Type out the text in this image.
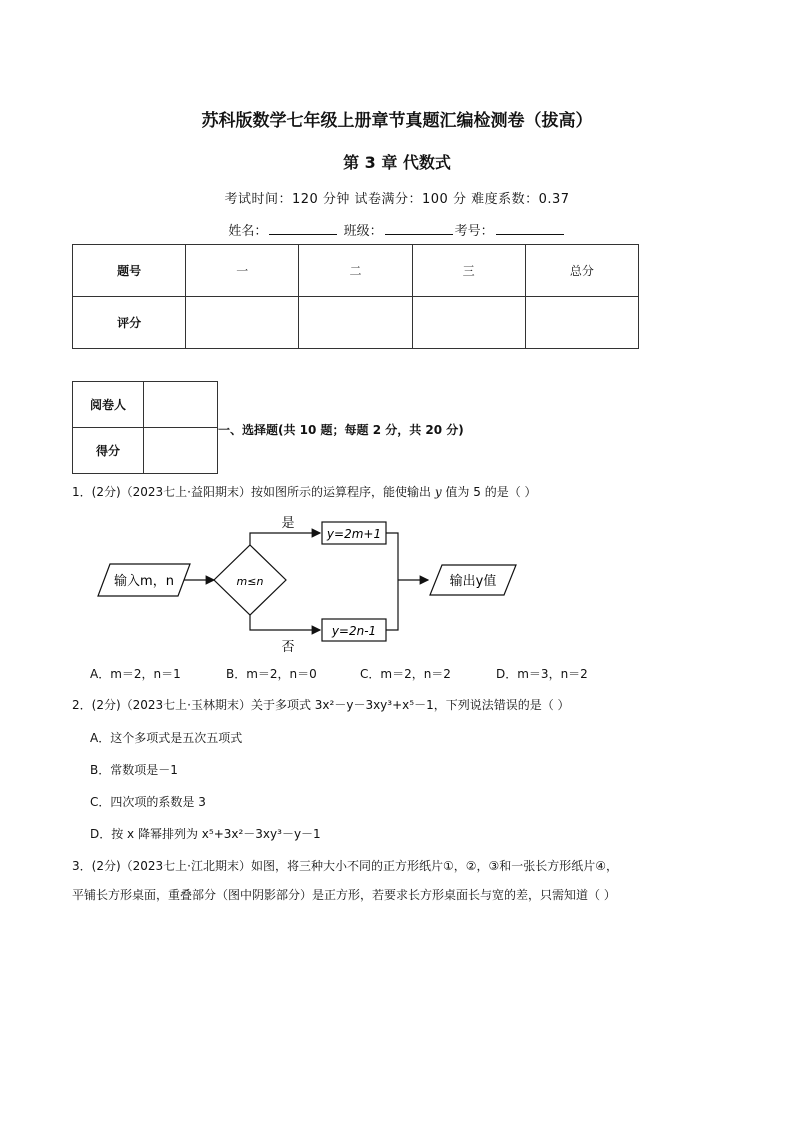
苏科版数学七年级上册章节真题汇编检测卷（拔高）
第 3 章 代数式
考试时间：120 分钟 试卷满分：100 分 难度系数：0.37
姓名：	班级：	考号：
题号	一	二	三	总分
评分				
阅卷人	
得分	
一、选择题(共 10 题；每题 2 分，共 20 分)
1．(2分)（2023七上·益阳期末）按如图所示的运算程序，能使输出 y 值为 5 的是（ ）
输入m，n	m≤n
是
y=2m+1
否
y=2n-1
输出y值
A．m＝2，n＝1	B．m＝2，n＝0	C．m＝2，n＝2	D．m＝3，n＝2
2．(2分)（2023七上·玉林期末）关于多项式 3x²－y－3xy³+x⁵－1，下列说法错误的是（ ）
A．这个多项式是五次五项式
B．常数项是－1
C．四次项的系数是 3
D．按 x 降幂排列为 x⁵+3x²－3xy³－y－1
3．(2分)（2023七上·江北期末）如图，将三种大小不同的正方形纸片①，②，③和一张长方形纸片④，
平铺长方形桌面，重叠部分（图中阴影部分）是正方形，若要求长方形桌面长与宽的差，只需知道（ ）
